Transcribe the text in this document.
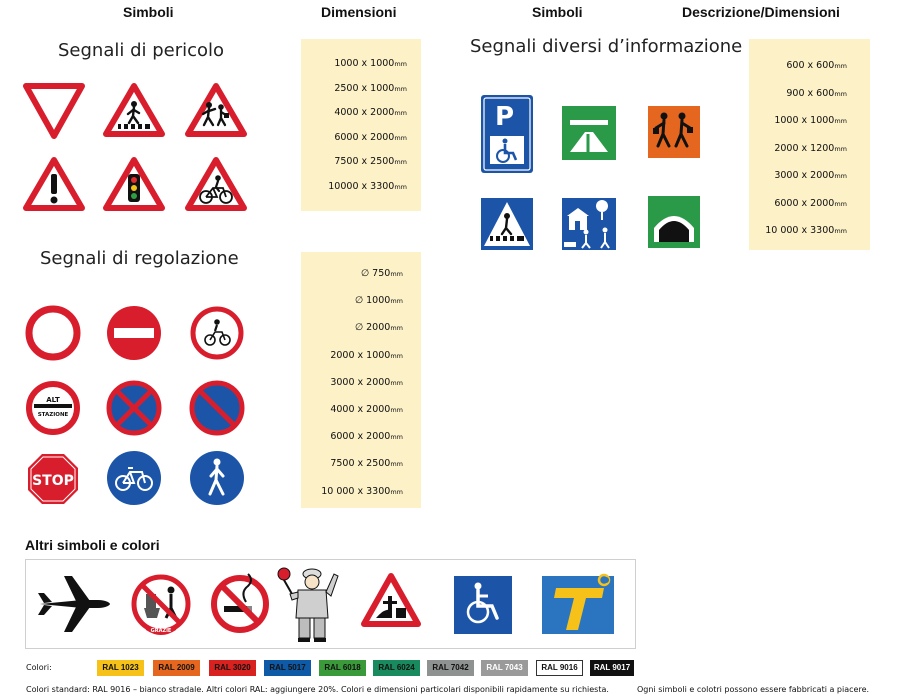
Simboli	Dimensioni	Simboli	Descrizione/Dimensioni
Segnali di pericolo
Segnali di regolazione
Segnali diversi d’informazione
1000 x 1000mm
2500 x 1000mm
4000 x 2000mm
6000 x 2000mm
7500 x 2500mm
10000 x 3300mm
∅ 750mm
∅ 1000mm
∅ 2000mm
2000 x 1000mm
3000 x 2000mm
4000 x 2000mm
6000 x 2000mm
7500 x 2500mm
10 000 x 3300mm
600 x 600mm
900 x 600mm
1000 x 1000mm
2000 x 1200mm
3000 x 2000mm
6000 x 2000mm
10 000 x 3300mm
ALT
STAZIONE
STOP
P
Altri simboli e colori
GRAZIE
Colori:	RAL 1023	RAL 2009	RAL 3020	RAL 5017	RAL 6018	RAL 6024	RAL 7042	RAL 7043	RAL 9016	RAL 9017
Colori standard: RAL 9016 – bianco stradale. Altri colori RAL: aggiungere 20%. Colori e dimensioni particolari disponibili rapidamente su richiesta.	Ogni simboli e colotri possono essere fabbricati a piacere.
